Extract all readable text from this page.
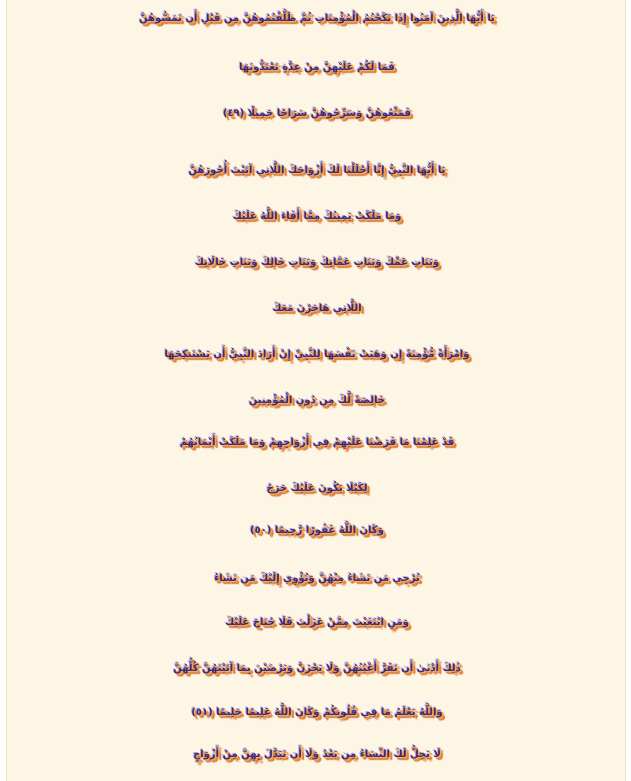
يَا أَيُّهَا الَّذِينَ آمَنُوا إِذَا نَكَحْتُمُ الْمُؤْمِنَاتِ ثُمَّ طَلَّقْتُمُوهُنَّ مِن قَبْلِ أَن تَمَسُّوهُنَّ
فَمَا لَكُمْ عَلَيْهِنَّ مِنْ عِدَّةٍ تَعْتَدُّونَهَا
فَمَتِّعُوهُنَّ وَسَرِّحُوهُنَّ سَرَاحًا جَمِيلًا (٤٩)
يَا أَيُّهَا النَّبِيُّ إِنَّا أَحْلَلْنَا لَكَ أَزْوَاجَكَ اللَّاتِي آتَيْتَ أُجُورَهُنَّ
وَمَا مَلَكَتْ يَمِينُكَ مِمَّا أَفَاءَ اللَّهُ عَلَيْكَ
وَبَنَاتِ عَمِّكَ وَبَنَاتِ عَمَّاتِكَ وَبَنَاتِ خَالِكَ وَبَنَاتِ خَالَاتِكَ
اللَّاتِي هَاجَرْنَ مَعَكَ
وَامْرَأَةً مُّؤْمِنَةً إِن وَهَبَتْ نَفْسَهَا لِلنَّبِيِّ إِنْ أَرَادَ النَّبِيُّ أَن يَسْتَنكِحَهَا
خَالِصَةً لَّكَ مِن دُونِ الْمُؤْمِنِينَ
قَدْ عَلِمْنَا مَا فَرَضْنَا عَلَيْهِمْ فِي أَزْوَاجِهِمْ وَمَا مَلَكَتْ أَيْمَانُهُمْ
لِكَيْلَا يَكُونَ عَلَيْكَ حَرَجٌ
وَكَانَ اللَّهُ غَفُورًا رَّحِيمًا (٥٠)
تُرْجِي مَن تَشَاءُ مِنْهُنَّ وَتُؤْوِي إِلَيْكَ مَن تَشَاءُ
وَمَنِ ابْتَغَيْتَ مِمَّنْ عَزَلْتَ فَلَا جُنَاحَ عَلَيْكَ
ذَٰلِكَ أَدْنَىٰ أَن تَقَرَّ أَعْيُنُهُنَّ وَلَا يَحْزَنَّ وَيَرْضَيْنَ بِمَا آتَيْتَهُنَّ كُلُّهُنَّ
وَاللَّهُ يَعْلَمُ مَا فِي قُلُوبِكُمْ وَكَانَ اللَّهُ عَلِيمًا حَلِيمًا (٥١)
لَا يَحِلُّ لَكَ النِّسَاءُ مِن بَعْدُ وَلَا أَن تَبَدَّلَ بِهِنَّ مِنْ أَزْوَاجٍ
